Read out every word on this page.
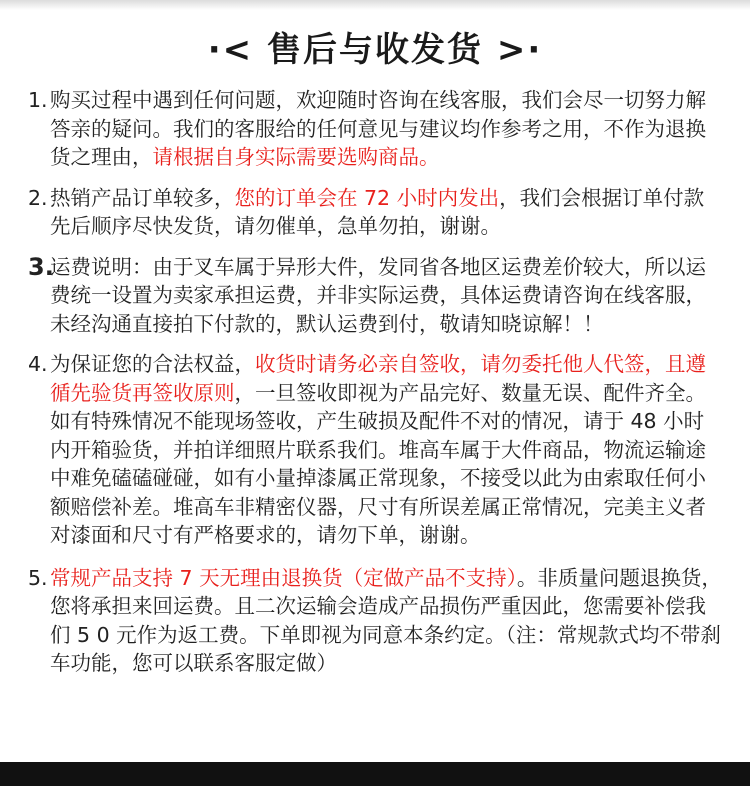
·< 售后与收发货 >·
1. 购买过程中遇到任何问题，欢迎随时咨询在线客服，我们会尽一切努力解答亲的疑问。我们的客服给的任何意见与建议均作参考之用，不作为退换货之理由，请根据自身实际需要选购商品。
2. 热销产品订单较多，您的订单会在 72 小时内发出，我们会根据订单付款先后顺序尽快发货，请勿催单，急单勿拍，谢谢。
3.
运费说明：由于叉车属于异形大件，发同省各地区运费差价较大，所以运费统一设置为卖家承担运费，并非实际运费，具体运费请咨询在线客服，未经沟通直接拍下付款的，默认运费到付，敬请知晓谅解！！
4. 为保证您的合法权益，收货时请务必亲自签收，请勿委托他人代签，且遵循先验货再签收原则，一旦签收即视为产品完好、数量无误、配件齐全。如有特殊情况不能现场签收，产生破损及配件不对的情况，请于 48 小时内开箱验货，并拍详细照片联系我们。堆高车属于大件商品，物流运输途中难免磕磕碰碰，如有小量掉漆属正常现象，不接受以此为由索取任何小额赔偿补差。堆高车非精密仪器，尺寸有所误差属正常情况，完美主义者对漆面和尺寸有严格要求的，请勿下单，谢谢。
5. 常规产品支持 7 天无理由退换货（定做产品不支持）。非质量问题退换货，您将承担来回运费。且二次运输会造成产品损伤严重因此，您需要补偿我们 5 0 元作为返工费。下单即视为同意本条约定。（注：常规款式均不带刹车功能，您可以联系客服定做）
